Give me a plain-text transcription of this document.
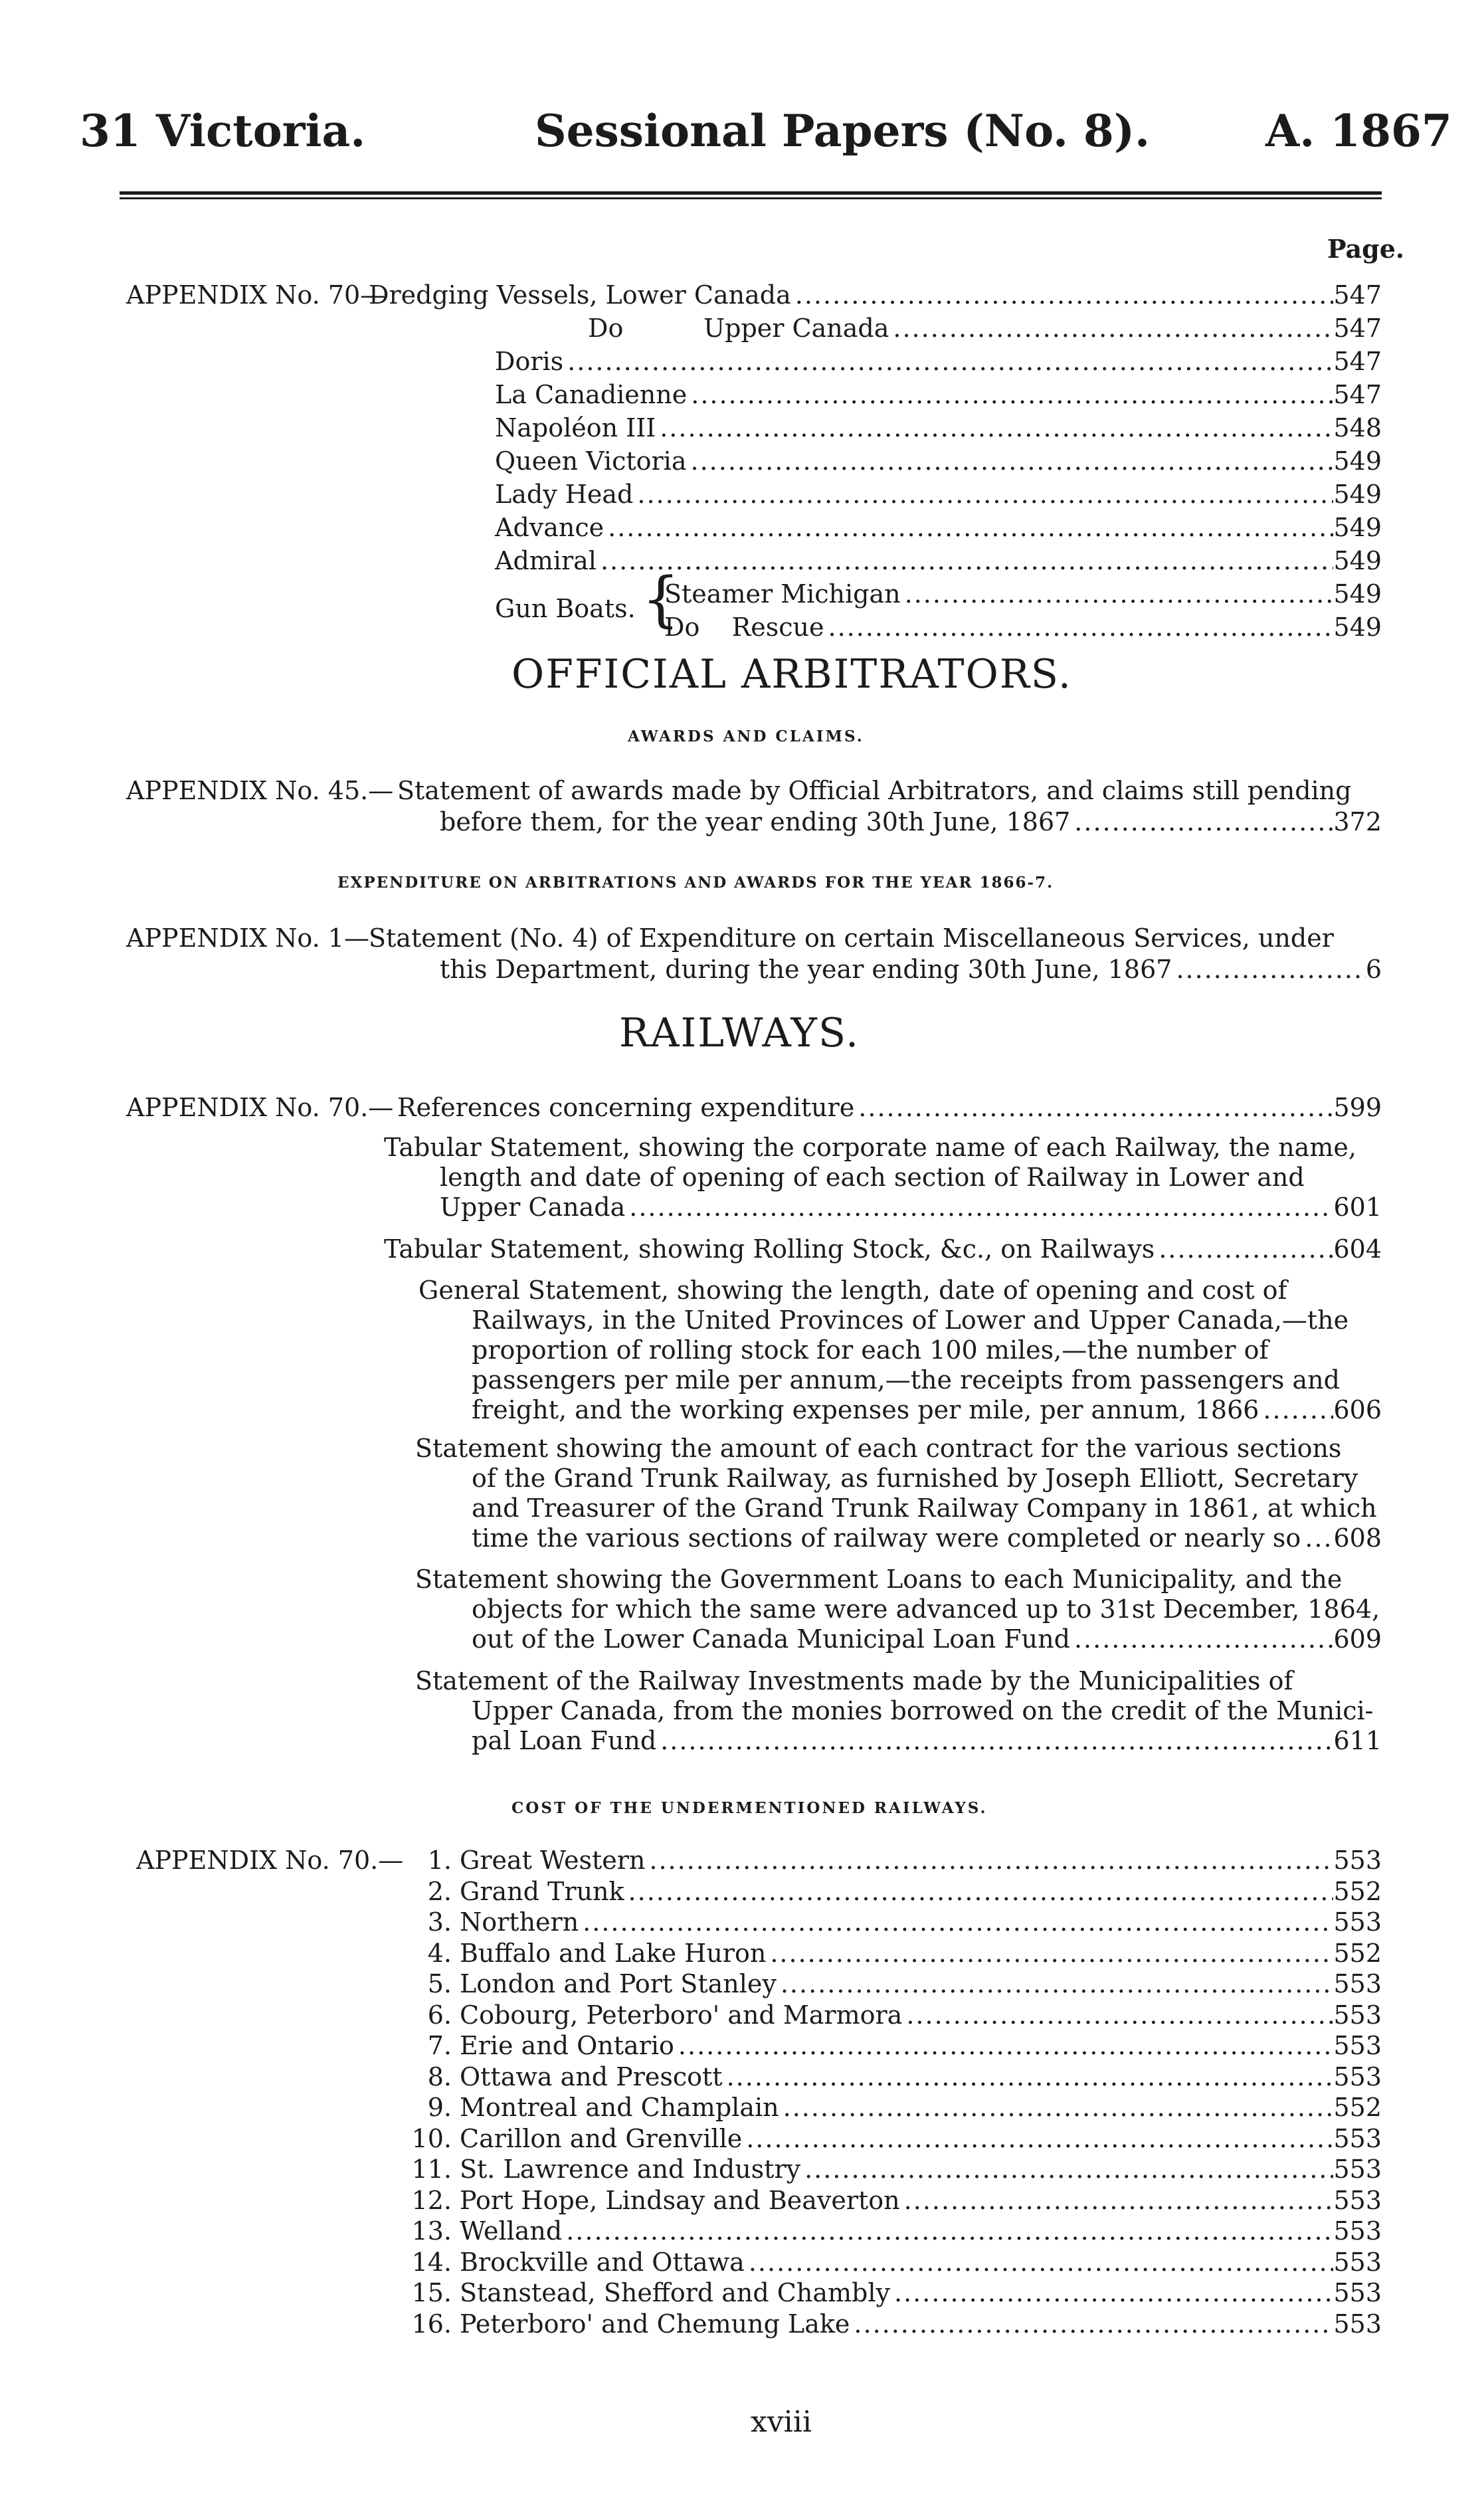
31 Victoria.	Sessional Papers (No. 8).	A. 1867
Page.
APPENDIX No. 70—
Dredging Vessels, Lower Canada .....	547
Do          Upper Canada .....	547
Doris .....	547
La Canadienne .....	547
Napoléon III .....	548
Queen Victoria .....	549
Lady Head .....	549
Advance .....	549
Admiral .....	549
Gun Boats. {
Steamer Michigan .....	549
Do    Rescue .....	549
OFFICIAL ARBITRATORS.
AWARDS AND CLAIMS.
APPENDIX No. 45.— Statement of awards made by Official Arbitrators, and claims still pending
before them, for the year ending 30th June, 1867 .....	372
EXPENDITURE ON ARBITRATIONS AND AWARDS FOR THE YEAR 1866-7.
APPENDIX No. 1— Statement (No. 4) of Expenditure on certain Miscellaneous Services, under
this Department, during the year ending 30th June, 1867 .....	6
RAILWAYS.
APPENDIX No. 70.— References concerning expenditure .....	599
Tabular Statement, showing the corporate name of each Railway, the name,
length and date of opening of each section of Railway in Lower and
Upper Canada .....	601
Tabular Statement, showing Rolling Stock, &c., on Railways .....	604
General Statement, showing the length, date of opening and cost of
Railways, in the United Provinces of Lower and Upper Canada,—the
proportion of rolling stock for each 100 miles,—the number of
passengers per mile per annum,—the receipts from passengers and
freight, and the working expenses per mile, per annum, 1866 .....	606
Statement showing the amount of each contract for the various sections
of the Grand Trunk Railway, as furnished by Joseph Elliott, Secretary
and Treasurer of the Grand Trunk Railway Company in 1861, at which
time the various sections of railway were completed or nearly so ..... 608
Statement showing the Government Loans to each Municipality, and the
objects for which the same were advanced up to 31st December, 1864,
out of the Lower Canada Municipal Loan Fund .....	609
Statement of the Railway Investments made by the Municipalities of
Upper Canada, from the monies borrowed on the credit of the Munici-
pal Loan Fund .....	611
COST OF THE UNDERMENTIONED RAILWAYS.
APPENDIX No. 70.— 1. Great Western .....	553
2. Grand Trunk .....	552
3. Northern .....	553
4. Buffalo and Lake Huron .....	552
5. London and Port Stanley .....	553
6. Cobourg, Peterboro' and Marmora .....	553
7. Erie and Ontario .....	553
8. Ottawa and Prescott .....	553
9. Montreal and Champlain .....	552
10. Carillon and Grenville .....	553
11. St. Lawrence and Industry .....	553
12. Port Hope, Lindsay and Beaverton .....	553
13. Welland .....	553
14. Brockville and Ottawa .....	553
15. Stanstead, Shefford and Chambly .....	553
16. Peterboro' and Chemung Lake .....	553
xviii
